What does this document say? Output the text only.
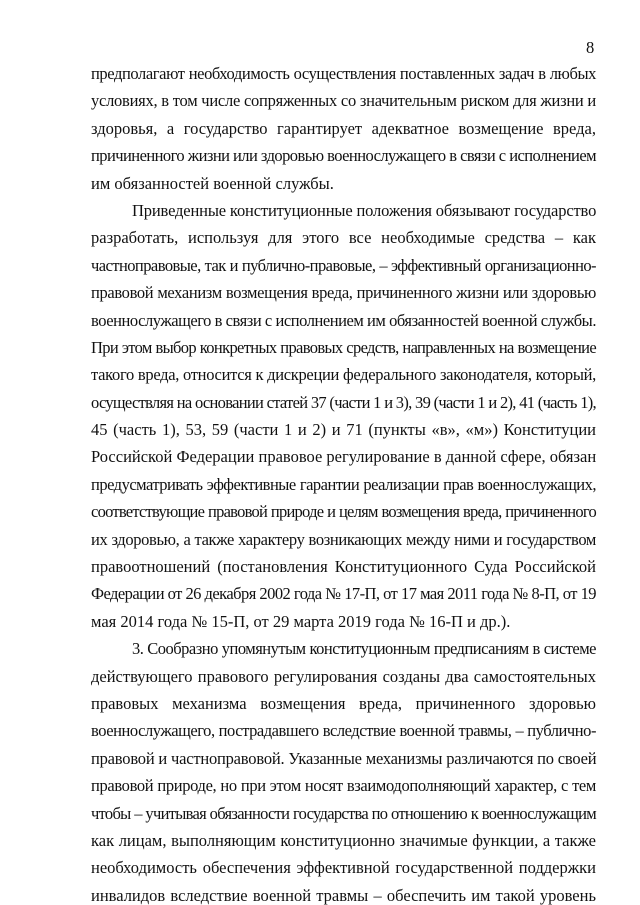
8
предполагают необходимость осуществления поставленных задач в любых
условиях, в том числе сопряженных со значительным риском для жизни и
здоровья, а государство гарантирует адекватное возмещение вреда,
причиненного жизни или здоровью военнослужащего в связи с исполнением
им обязанностей военной службы.
Приведенные конституционные положения обязывают государство
разработать, используя для этого все необходимые средства – как
частноправовые, так и публично-правовые, – эффективный организационно-
правовой механизм возмещения вреда, причиненного жизни или здоровью
военнослужащего в связи с исполнением им обязанностей военной службы.
При этом выбор конкретных правовых средств, направленных на возмещение
такого вреда, относится к дискреции федерального законодателя, который,
осуществляя на основании статей 37 (части 1 и 3), 39 (части 1 и 2), 41 (часть 1),
45 (часть 1), 53, 59 (части 1 и 2) и 71 (пункты «в», «м») Конституции
Российской Федерации правовое регулирование в данной сфере, обязан
предусматривать эффективные гарантии реализации прав военнослужащих,
соответствующие правовой природе и целям возмещения вреда, причиненного
их здоровью, а также характеру возникающих между ними и государством
правоотношений (постановления Конституционного Суда Российской
Федерации от 26 декабря 2002 года № 17-П, от 17 мая 2011 года № 8-П, от 19
мая 2014 года № 15-П, от 29 марта 2019 года № 16-П и др.).
3. Сообразно упомянутым конституционным предписаниям в системе
действующего правового регулирования созданы два самостоятельных
правовых механизма возмещения вреда, причиненного здоровью
военнослужащего, пострадавшего вследствие военной травмы, – публично-
правовой и частноправовой. Указанные механизмы различаются по своей
правовой природе, но при этом носят взаимодополняющий характер, с тем
чтобы – учитывая обязанности государства по отношению к военнослужащим
как лицам, выполняющим конституционно значимые функции, а также
необходимость обеспечения эффективной государственной поддержки
инвалидов вследствие военной травмы – обеспечить им такой уровень
